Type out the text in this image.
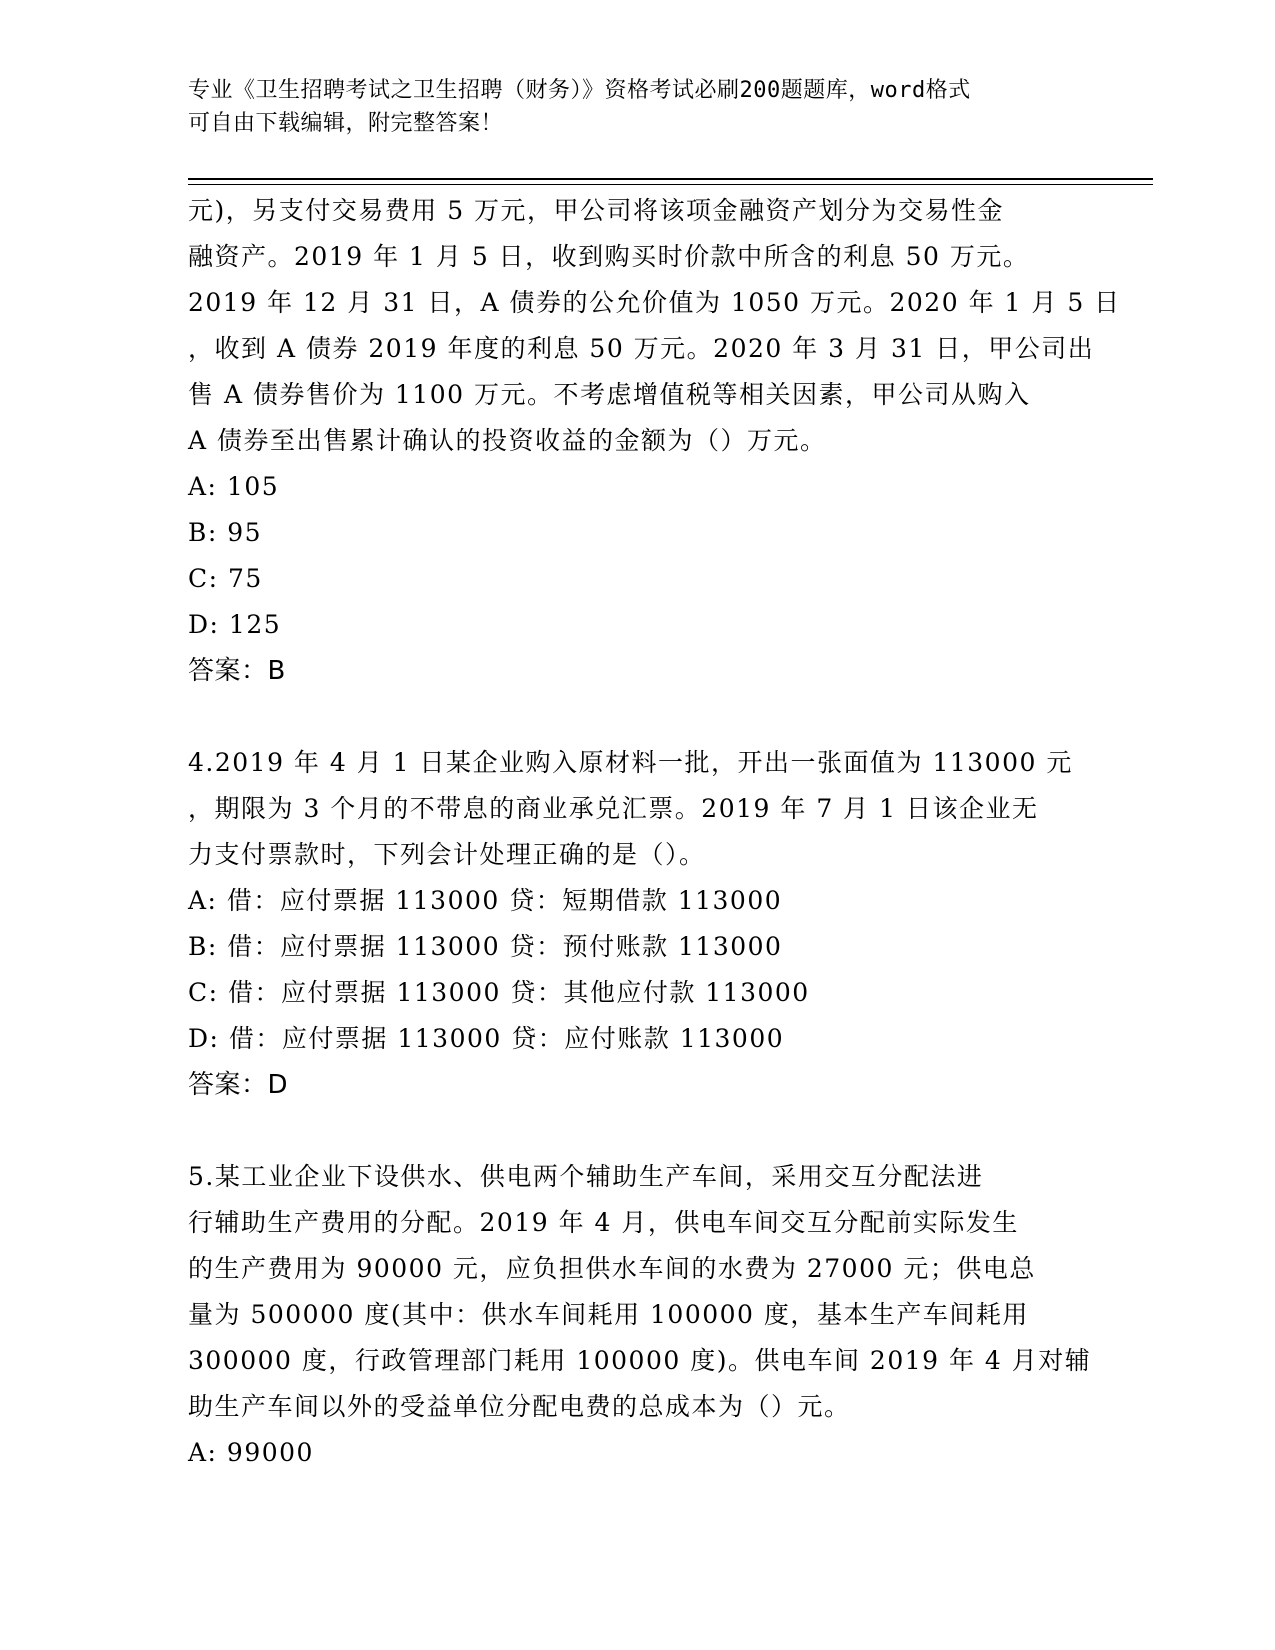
专业《卫生招聘考试之卫生招聘（财务）》资格考试必刷200题题库，word格式
可自由下载编辑，附完整答案！
元)，另支付交易费用 5 万元，甲公司将该项金融资产划分为交易性金
融资产。2019 年 1 月 5 日，收到购买时价款中所含的利息 50 万元。
2019 年 12 月 31 日，A 债券的公允价值为 1050 万元。2020 年 1 月 5 日
，收到 A 债券 2019 年度的利息 50 万元。2020 年 3 月 31 日，甲公司出
售 A 债券售价为 1100 万元。不考虑增值税等相关因素，甲公司从购入
A 债券至出售累计确认的投资收益的金额为（）万元。
A: 105
B: 95
C: 75
D: 125
答案：B
4.2019 年 4 月 1 日某企业购入原材料一批，开出一张面值为 113000 元
，期限为 3 个月的不带息的商业承兑汇票。2019 年 7 月 1 日该企业无
力支付票款时，下列会计处理正确的是（）。
A: 借：应付票据 113000 贷：短期借款 113000
B: 借：应付票据 113000 贷：预付账款 113000
C: 借：应付票据 113000 贷：其他应付款 113000
D: 借：应付票据 113000 贷：应付账款 113000
答案：D
5.某工业企业下设供水、供电两个辅助生产车间，采用交互分配法进
行辅助生产费用的分配。2019 年 4 月，供电车间交互分配前实际发生
的生产费用为 90000 元，应负担供水车间的水费为 27000 元；供电总
量为 500000 度(其中：供水车间耗用 100000 度，基本生产车间耗用
300000 度，行政管理部门耗用 100000 度)。供电车间 2019 年 4 月对辅
助生产车间以外的受益单位分配电费的总成本为（）元。
A: 99000
